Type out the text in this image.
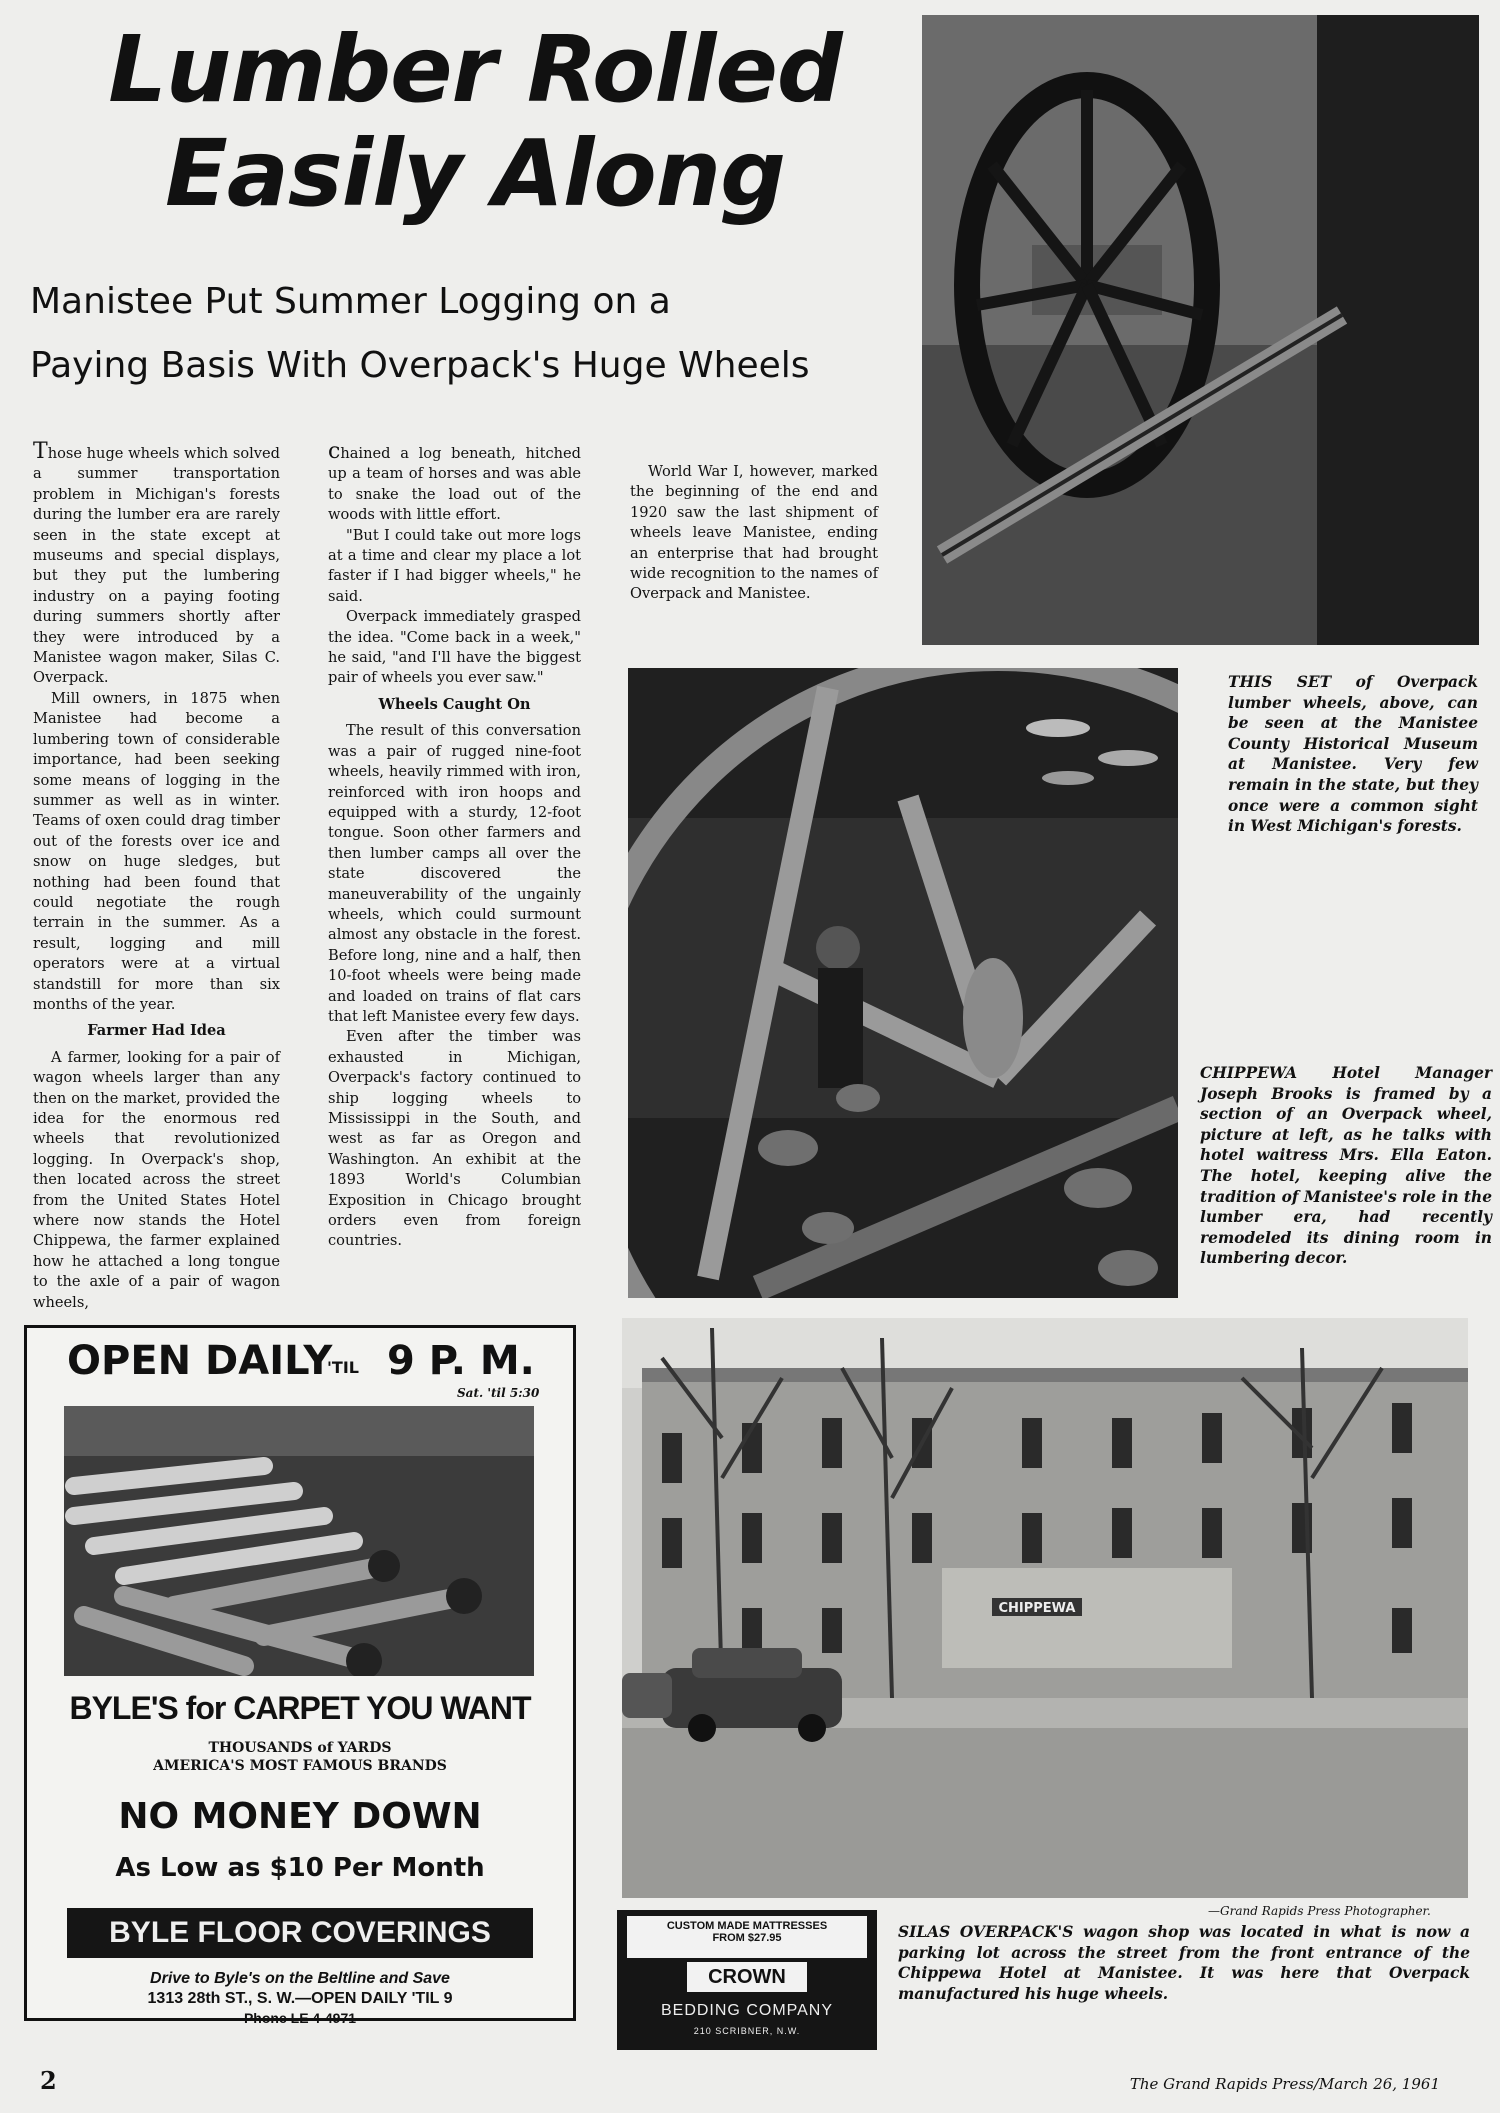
Lumber Rolled
Easily Along
Manistee Put Summer Logging on a
Paying Basis With Overpack's Huge Wheels

Those huge wheels which solved a summer transportation problem in Michigan's forests during the lumber era are rarely seen in the state except at museums and special displays, but they put the lumbering industry on a paying footing during summers shortly after they were introduced by a Manistee wagon maker, Silas C. Overpack.

Mill owners, in 1875 when Manistee had become a lumbering town of considerable importance, had been seeking some means of logging in the summer as well as in winter. Teams of oxen could drag timber out of the forests over ice and snow on huge sledges, but nothing had been found that could negotiate the rough terrain in the summer. As a result, logging and mill operators were at a virtual standstill for more than six months of the year.

Farmer Had Idea

A farmer, looking for a pair of wagon wheels larger than any then on the market, provided the idea for the enormous red wheels that revolutionized logging. In Overpack's shop, then located across the street from the United States Hotel where now stands the Hotel Chippewa, the farmer explained how he attached a long tongue to the axle of a pair of wagon wheels,

chained a log beneath, hitched up a team of horses and was able to snake the load out of the woods with little effort.

"But I could take out more logs at a time and clear my place a lot faster if I had bigger wheels," he said.

Overpack immediately grasped the idea. "Come back in a week," he said, "and I'll have the biggest pair of wheels you ever saw."

Wheels Caught On

The result of this conversation was a pair of rugged nine-foot wheels, heavily rimmed with iron, reinforced with iron hoops and equipped with a sturdy, 12-foot tongue. Soon other farmers and then lumber camps all over the state discovered the maneuverability of the ungainly wheels, which could surmount almost any obstacle in the forest. Before long, nine and a half, then 10-foot wheels were being made and loaded on trains of flat cars that left Manistee every few days.

Even after the timber was exhausted in Michigan, Overpack's factory continued to ship logging wheels to Mississippi in the South, and west as far as Oregon and Washington. An exhibit at the 1893 World's Columbian Exposition in Chicago brought orders even from foreign countries.

World War I, however, marked the beginning of the end and 1920 saw the last shipment of wheels leave Manistee, ending an enterprise that had brought wide recognition to the names of Overpack and Manistee.

THIS SET of Overpack lumber wheels, above, can be seen at the Manistee County Historical Museum at Manistee. Very few remain in the state, but they once were a common sight in West Michigan's forests.
CHIPPEWA Hotel Manager Joseph Brooks is framed by a section of an Overpack wheel, picture at left, as he talks with hotel waitress Mrs. Ella Eaton. The hotel, keeping alive the tradition of Manistee's role in the lumber era, had recently remodeled its dining room in lumbering decor.
CHIPPEWA
—Grand Rapids Press Photographer.
SILAS OVERPACK'S wagon shop was located in what is now a parking lot across the street from the front entrance of the Chippewa Hotel at Manistee. It was here that Overpack manufactured his huge wheels.
OPEN DAILY
'TIL 9 P. M.
Sat. 'til 5:30
BYLE'S for CARPET YOU WANT
THOUSANDS of YARDS
AMERICA'S MOST FAMOUS BRANDS
NO MONEY DOWN
As Low as $10 Per Month
BYLE FLOOR COVERINGS
Drive to Byle's on the Beltline and Save
1313 28th ST., S. W.—OPEN DAILY 'TIL 9
Phone LE 4-4971
CUSTOM MADE MATTRESSES
FROM $27.95
CROWN
BEDDING COMPANY
210 SCRIBNER, N.W.
2	The Grand Rapids Press/March 26, 1961
